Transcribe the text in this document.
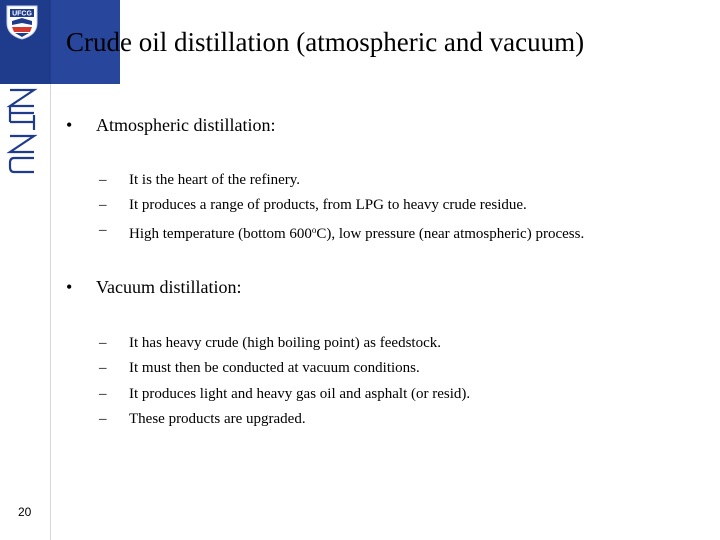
UFCG
Crude oil distillation (atmospheric and vacuum)
•	Atmospheric distillation:
–	It is the heart of the refinery.
–	It produces a range of products, from LPG to heavy crude residue.
–	High temperature (bottom 600$^o$C), low pressure (near atmospheric) process.
•	Vacuum distillation:
–	It has heavy crude (high boiling point) as feedstock.
–	It must then be conducted at vacuum conditions.
–	It produces light and heavy gas oil and asphalt (or resid).
–	These products are upgraded.
20
